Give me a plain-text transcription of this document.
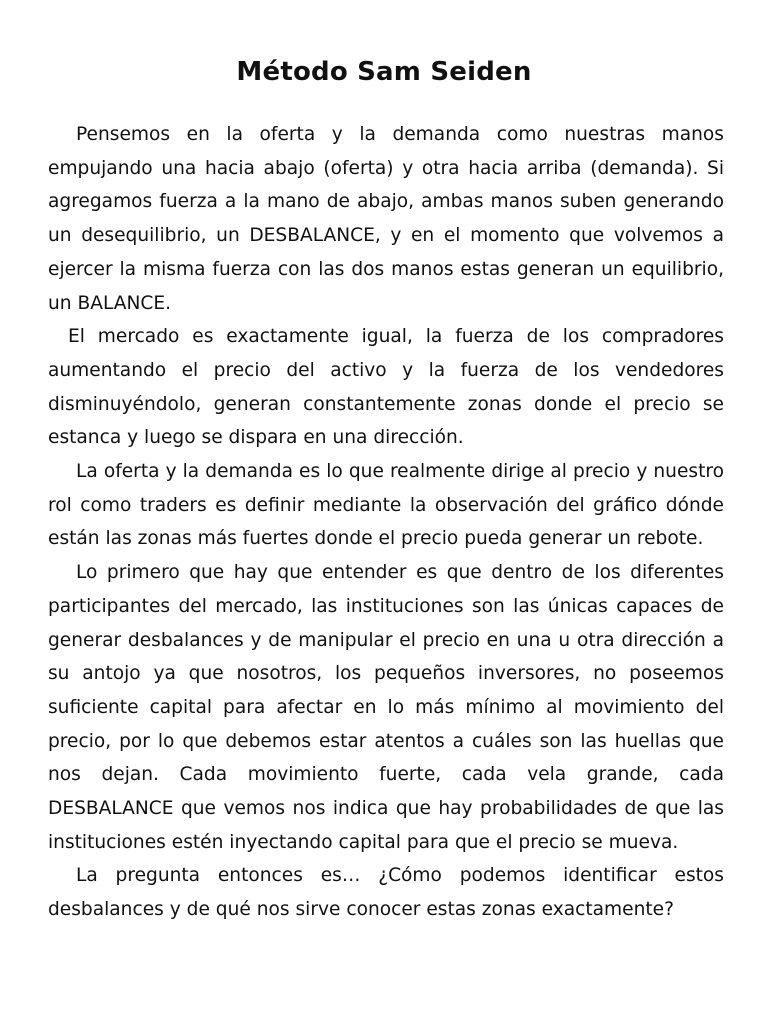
Método Sam Seiden

Pensemos en la oferta y la demanda como nuestras manos empujando una hacia abajo (oferta) y otra hacia arriba (demanda). Si agregamos fuerza a la mano de abajo, ambas manos suben generando un desequilibrio, un DESBALANCE, y en el momento que volvemos a ejercer la misma fuerza con las dos manos estas generan un equilibrio, un BALANCE.

El mercado es exactamente igual, la fuerza de los compradores aumentando el precio del activo y la fuerza de los vendedores disminuyéndolo, generan constantemente zonas donde el precio se estanca y luego se dispara en una dirección.

La oferta y la demanda es lo que realmente dirige al precio y nuestro rol como traders es definir mediante la observación del gráfico dónde están las zonas más fuertes donde el precio pueda generar un rebote.

Lo primero que hay que entender es que dentro de los diferentes participantes del mercado, las instituciones son las únicas capaces de generar desbalances y de manipular el precio en una u otra dirección a su antojo ya que nosotros, los pequeños inversores, no poseemos suficiente capital para afectar en lo más mínimo al movimiento del precio, por lo que debemos estar atentos a cuáles son las huellas que nos dejan. Cada movimiento fuerte, cada vela grande, cada DESBALANCE que vemos nos indica que hay probabilidades de que las instituciones estén inyectando capital para que el precio se mueva.

La pregunta entonces es… ¿Cómo podemos identificar estos desbalances y de qué nos sirve conocer estas zonas exactamente?
